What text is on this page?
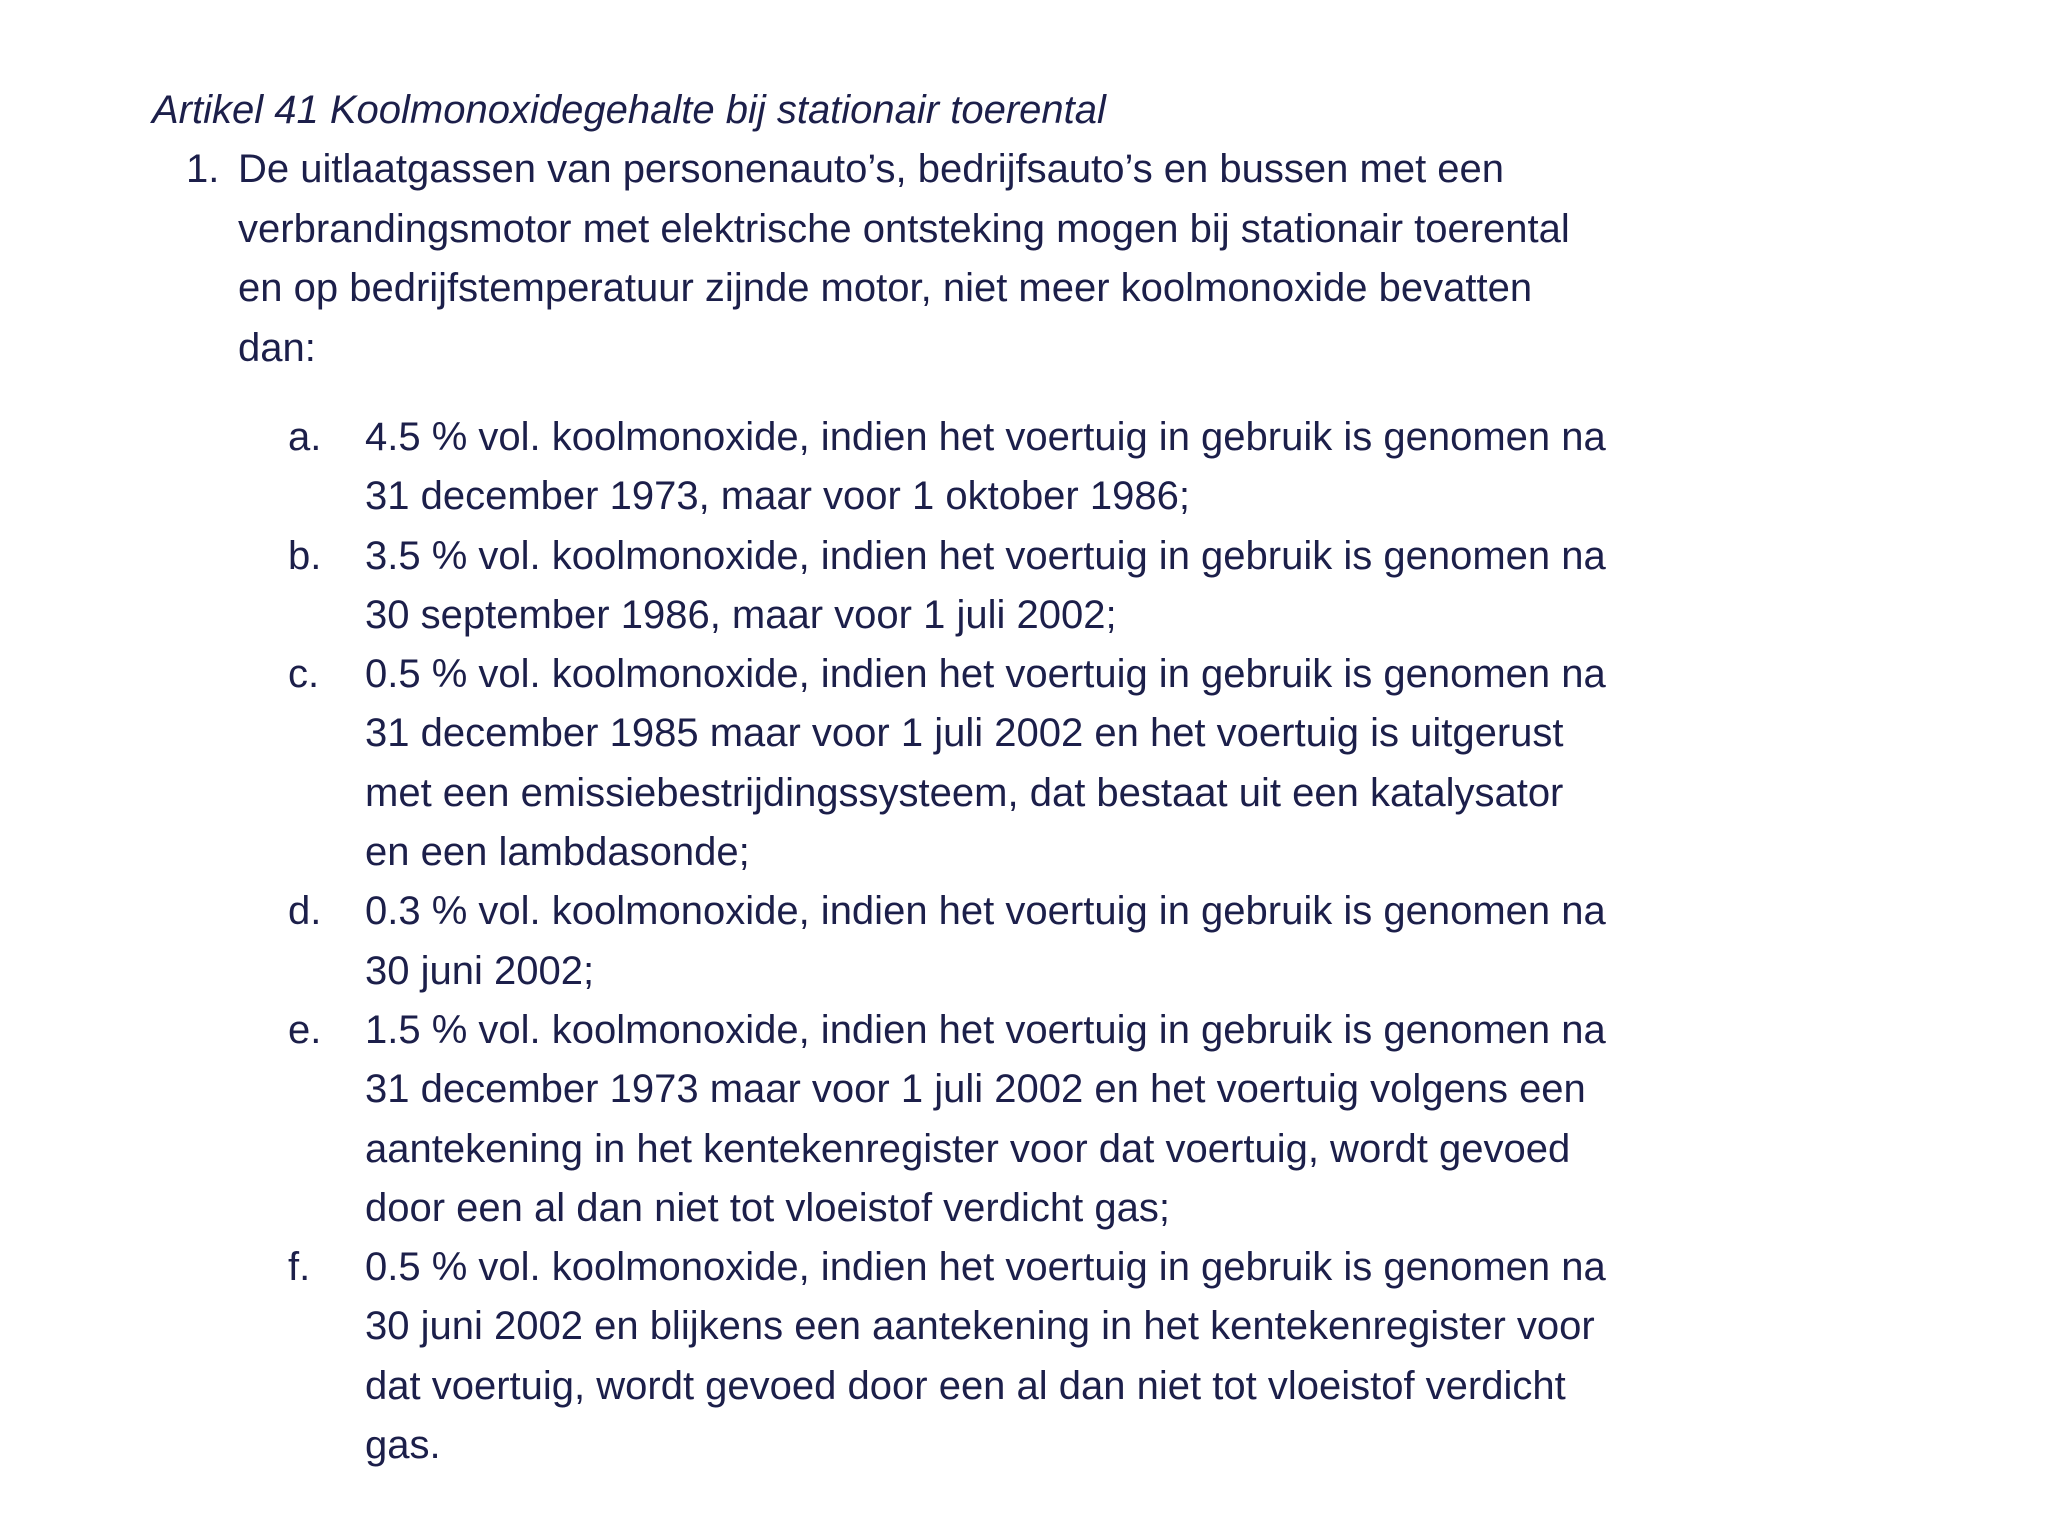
Artikel 41 Koolmonoxidegehalte bij stationair toerental
1. De uitlaatgassen van personenauto’s, bedrijfsauto’s en bussen met een
verbrandingsmotor met elektrische ontsteking mogen bij stationair toerental
en op bedrijfstemperatuur zijnde motor, niet meer koolmonoxide bevatten
dan:
a.	4.5 % vol. koolmonoxide, indien het voertuig in gebruik is genomen na
31 december 1973, maar voor 1 oktober 1986;
b.	3.5 % vol. koolmonoxide, indien het voertuig in gebruik is genomen na
30 september 1986, maar voor 1 juli 2002;
c.	0.5 % vol. koolmonoxide, indien het voertuig in gebruik is genomen na
31 december 1985 maar voor 1 juli 2002 en het voertuig is uitgerust
met een emissiebestrijdingssysteem, dat bestaat uit een katalysator
en een lambdasonde;
d.	0.3 % vol. koolmonoxide, indien het voertuig in gebruik is genomen na
30 juni 2002;
e.	1.5 % vol. koolmonoxide, indien het voertuig in gebruik is genomen na
31 december 1973 maar voor 1 juli 2002 en het voertuig volgens een
aantekening in het kentekenregister voor dat voertuig, wordt gevoed
door een al dan niet tot vloeistof verdicht gas;
f.	0.5 % vol. koolmonoxide, indien het voertuig in gebruik is genomen na
30 juni 2002 en blijkens een aantekening in het kentekenregister voor
dat voertuig, wordt gevoed door een al dan niet tot vloeistof verdicht
gas.
